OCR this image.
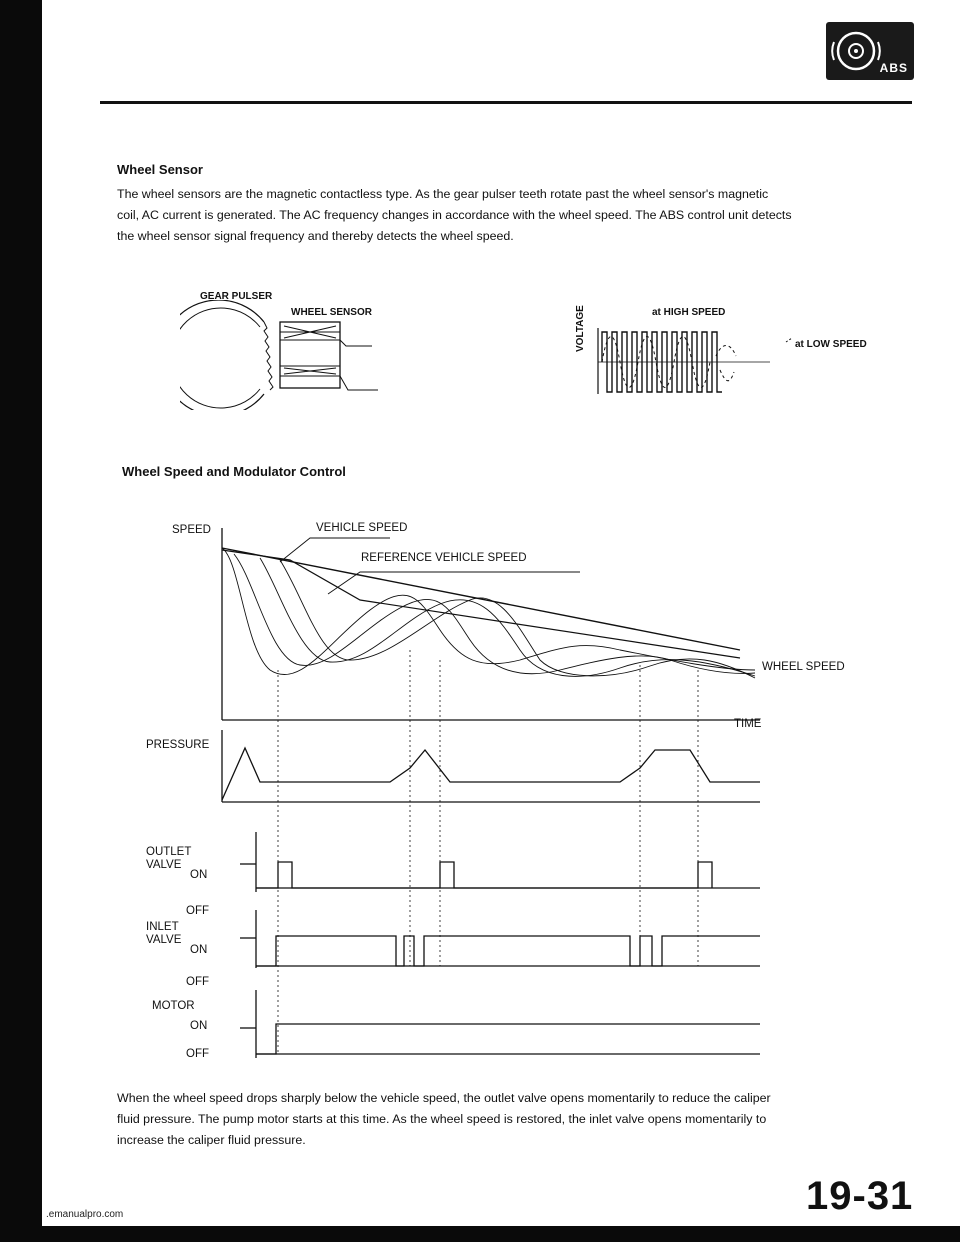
ABS
Wheel Sensor
The wheel sensors are the magnetic contactless type. As the gear pulser teeth rotate past the wheel sensor's magnetic
coil, AC current is generated. The AC frequency changes in accordance with the wheel speed. The ABS control unit detects
the wheel sensor signal frequency and thereby detects the wheel speed.
GEAR PULSER
WHEEL SENSOR	at HIGH SPEED
at LOW SPEED
VOLTAGE
Wheel Speed and Modulator Control
SPEED	VEHICLE SPEED
REFERENCE VEHICLE SPEED
WHEEL SPEED
TIME
PRESSURE
OUTLET
VALVE
ON
OFF
INLET
VALVE
ON
OFF
MOTOR
ON
OFF
When the wheel speed drops sharply below the vehicle speed, the outlet valve opens momentarily to reduce the caliper
fluid pressure. The pump motor starts at this time. As the wheel speed is restored, the inlet valve opens momentarily to
increase the caliper fluid pressure.
19-31
.emanualpro.com
